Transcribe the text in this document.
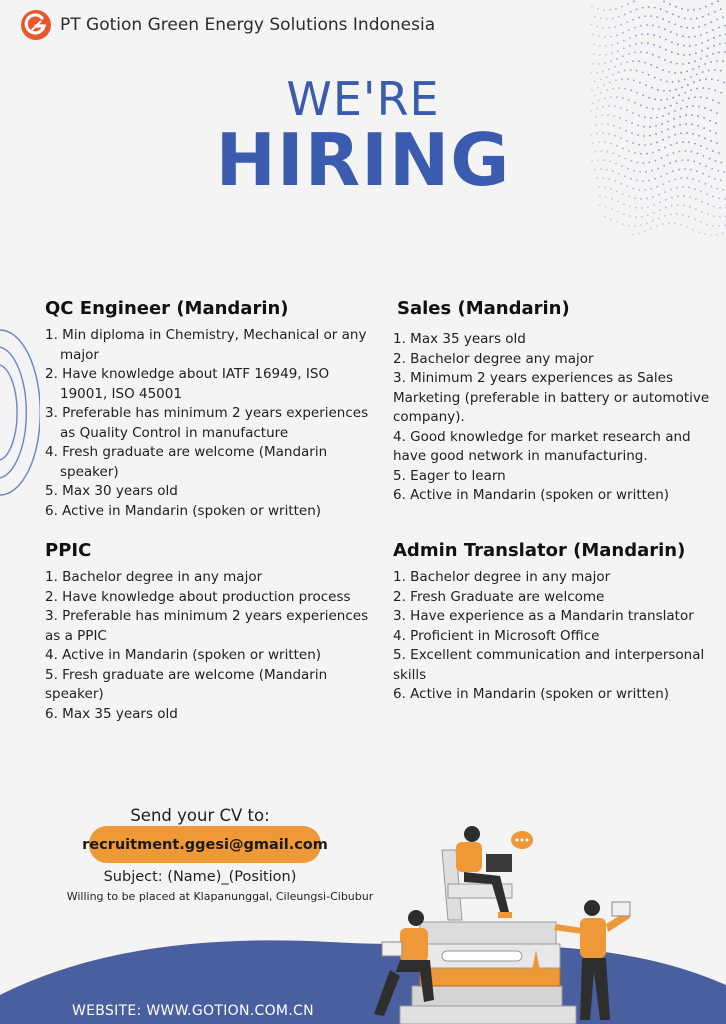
PT Gotion Green Energy Solutions Indonesia
WE'RE
HIRING
QC Engineer (Mandarin)
1. Min diploma in Chemistry, Mechanical or any major
2. Have knowledge about IATF 16949, ISO 19001, ISO 45001
3. Preferable has minimum 2 years experiences as Quality Control in manufacture
4. Fresh graduate are welcome (Mandarin speaker)
5. Max 30 years old
6. Active in Mandarin (spoken or written)
Sales (Mandarin)
1. Max 35 years old
2. Bachelor degree any major
3. Minimum 2 years experiences as Sales Marketing (preferable in battery or automotive company).
4. Good knowledge for market research and have good network in manufacturing.
5. Eager to learn
6. Active in Mandarin (spoken or written)
PPIC
1. Bachelor degree in any major
2. Have knowledge about production process
3. Preferable has minimum 2 years experiences as a PPIC
4. Active in Mandarin (spoken or written)
5. Fresh graduate are welcome (Mandarin speaker)
6. Max 35 years old
Admin Translator (Mandarin)
1. Bachelor degree in any major
2. Fresh Graduate are welcome
3. Have experience as a Mandarin translator
4. Proficient in Microsoft Office
5. Excellent communication and interpersonal skills
6. Active in Mandarin (spoken or written)
Send your CV to:
recruitment.ggesi@gmail.com
Subject: (Name)_(Position)
Willing to be placed at Klapanunggal, Cileungsi-Cibubur
WEBSITE: WWW.GOTION.COM.CN
